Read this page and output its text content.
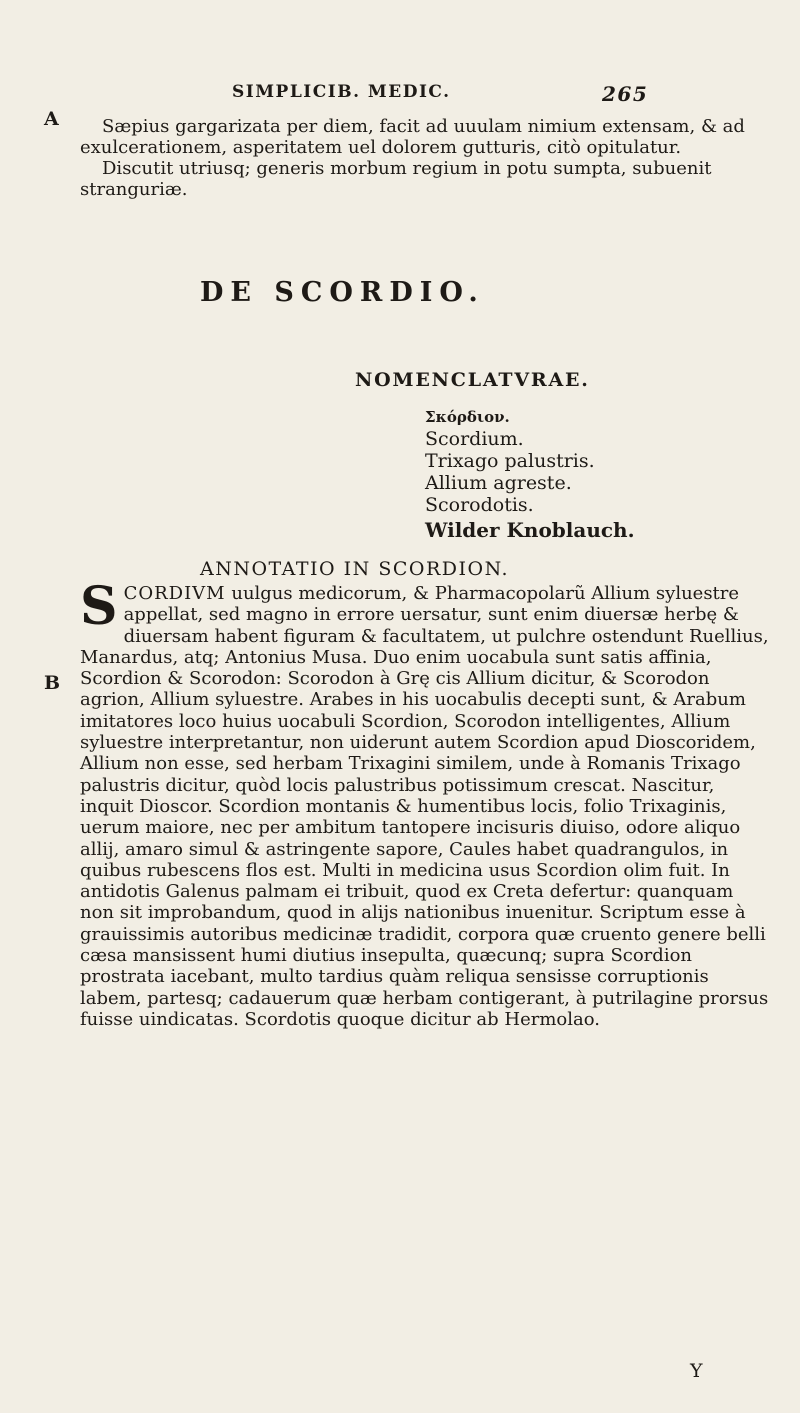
SIMPLICIB. MEDIC.	265
A
B

Sæpius gargarizata per diem, facit ad uuulam nimium extensam, & ad exulcerationem, asperitatem uel dolorem gutturis, citò opitulatur.

Discutit utriusq; generis morbum regium in potu sumpta, subuenit stranguriæ.

DE SCORDIO.
NOMENCLATVRAE.
Σκόρδιον.
Scordium.
Trixago palustris.
Allium agreste.
Scorodotis.
Wilder Knoblauch.
ANNOTATIO IN SCORDION.
SCORDIVM uulgus medicorum, & Pharmacopolarũ Allium syluestre appellat, sed magno in errore uersatur, sunt enim diuersæ herbę & diuersam habent figuram & facultatem, ut pulchre ostendunt Ruellius, Manardus, atq; Antonius Musa. Duo enim uocabula sunt satis affinia, Scordion & Scorodon: Scorodon à Grę cis Allium dicitur, & Scorodon agrion, Allium syluestre. Arabes in his uocabulis decepti sunt, & Arabum imitatores loco huius uocabuli Scordion, Scorodon intelligentes, Allium syluestre interpretantur, non uiderunt autem Scordion apud Dioscoridem, Allium non esse, sed herbam Trixagini similem, unde à Romanis Trixago palustris dicitur, quòd locis palustribus potissimum crescat. Nascitur, inquit Dioscor. Scordion montanis & humentibus locis, folio Trixaginis, uerum maiore, nec per ambitum tantopere incisuris diuiso, odore aliquo allij, amaro simul & astringente sapore, Caules habet quadrangulos, in quibus rubescens flos est. Multi in medicina usus Scordion olim fuit. In antidotis Galenus palmam ei tribuit, quod ex Creta defertur: quanquam non sit improbandum, quod in alijs nationibus inuenitur. Scriptum esse à grauissimis autoribus medicinæ tradidit, corpora quæ cruento genere belli cæsa mansissent humi diutius insepulta, quæcunq; supra Scordion prostrata iacebant, multo tardius quàm reliqua sensisse corruptionis labem, partesq; cadauerum quæ herbam contigerant, à putrilagine prorsus fuisse uindicatas. Scordotis quoque dicitur ab Hermolao.
Y
